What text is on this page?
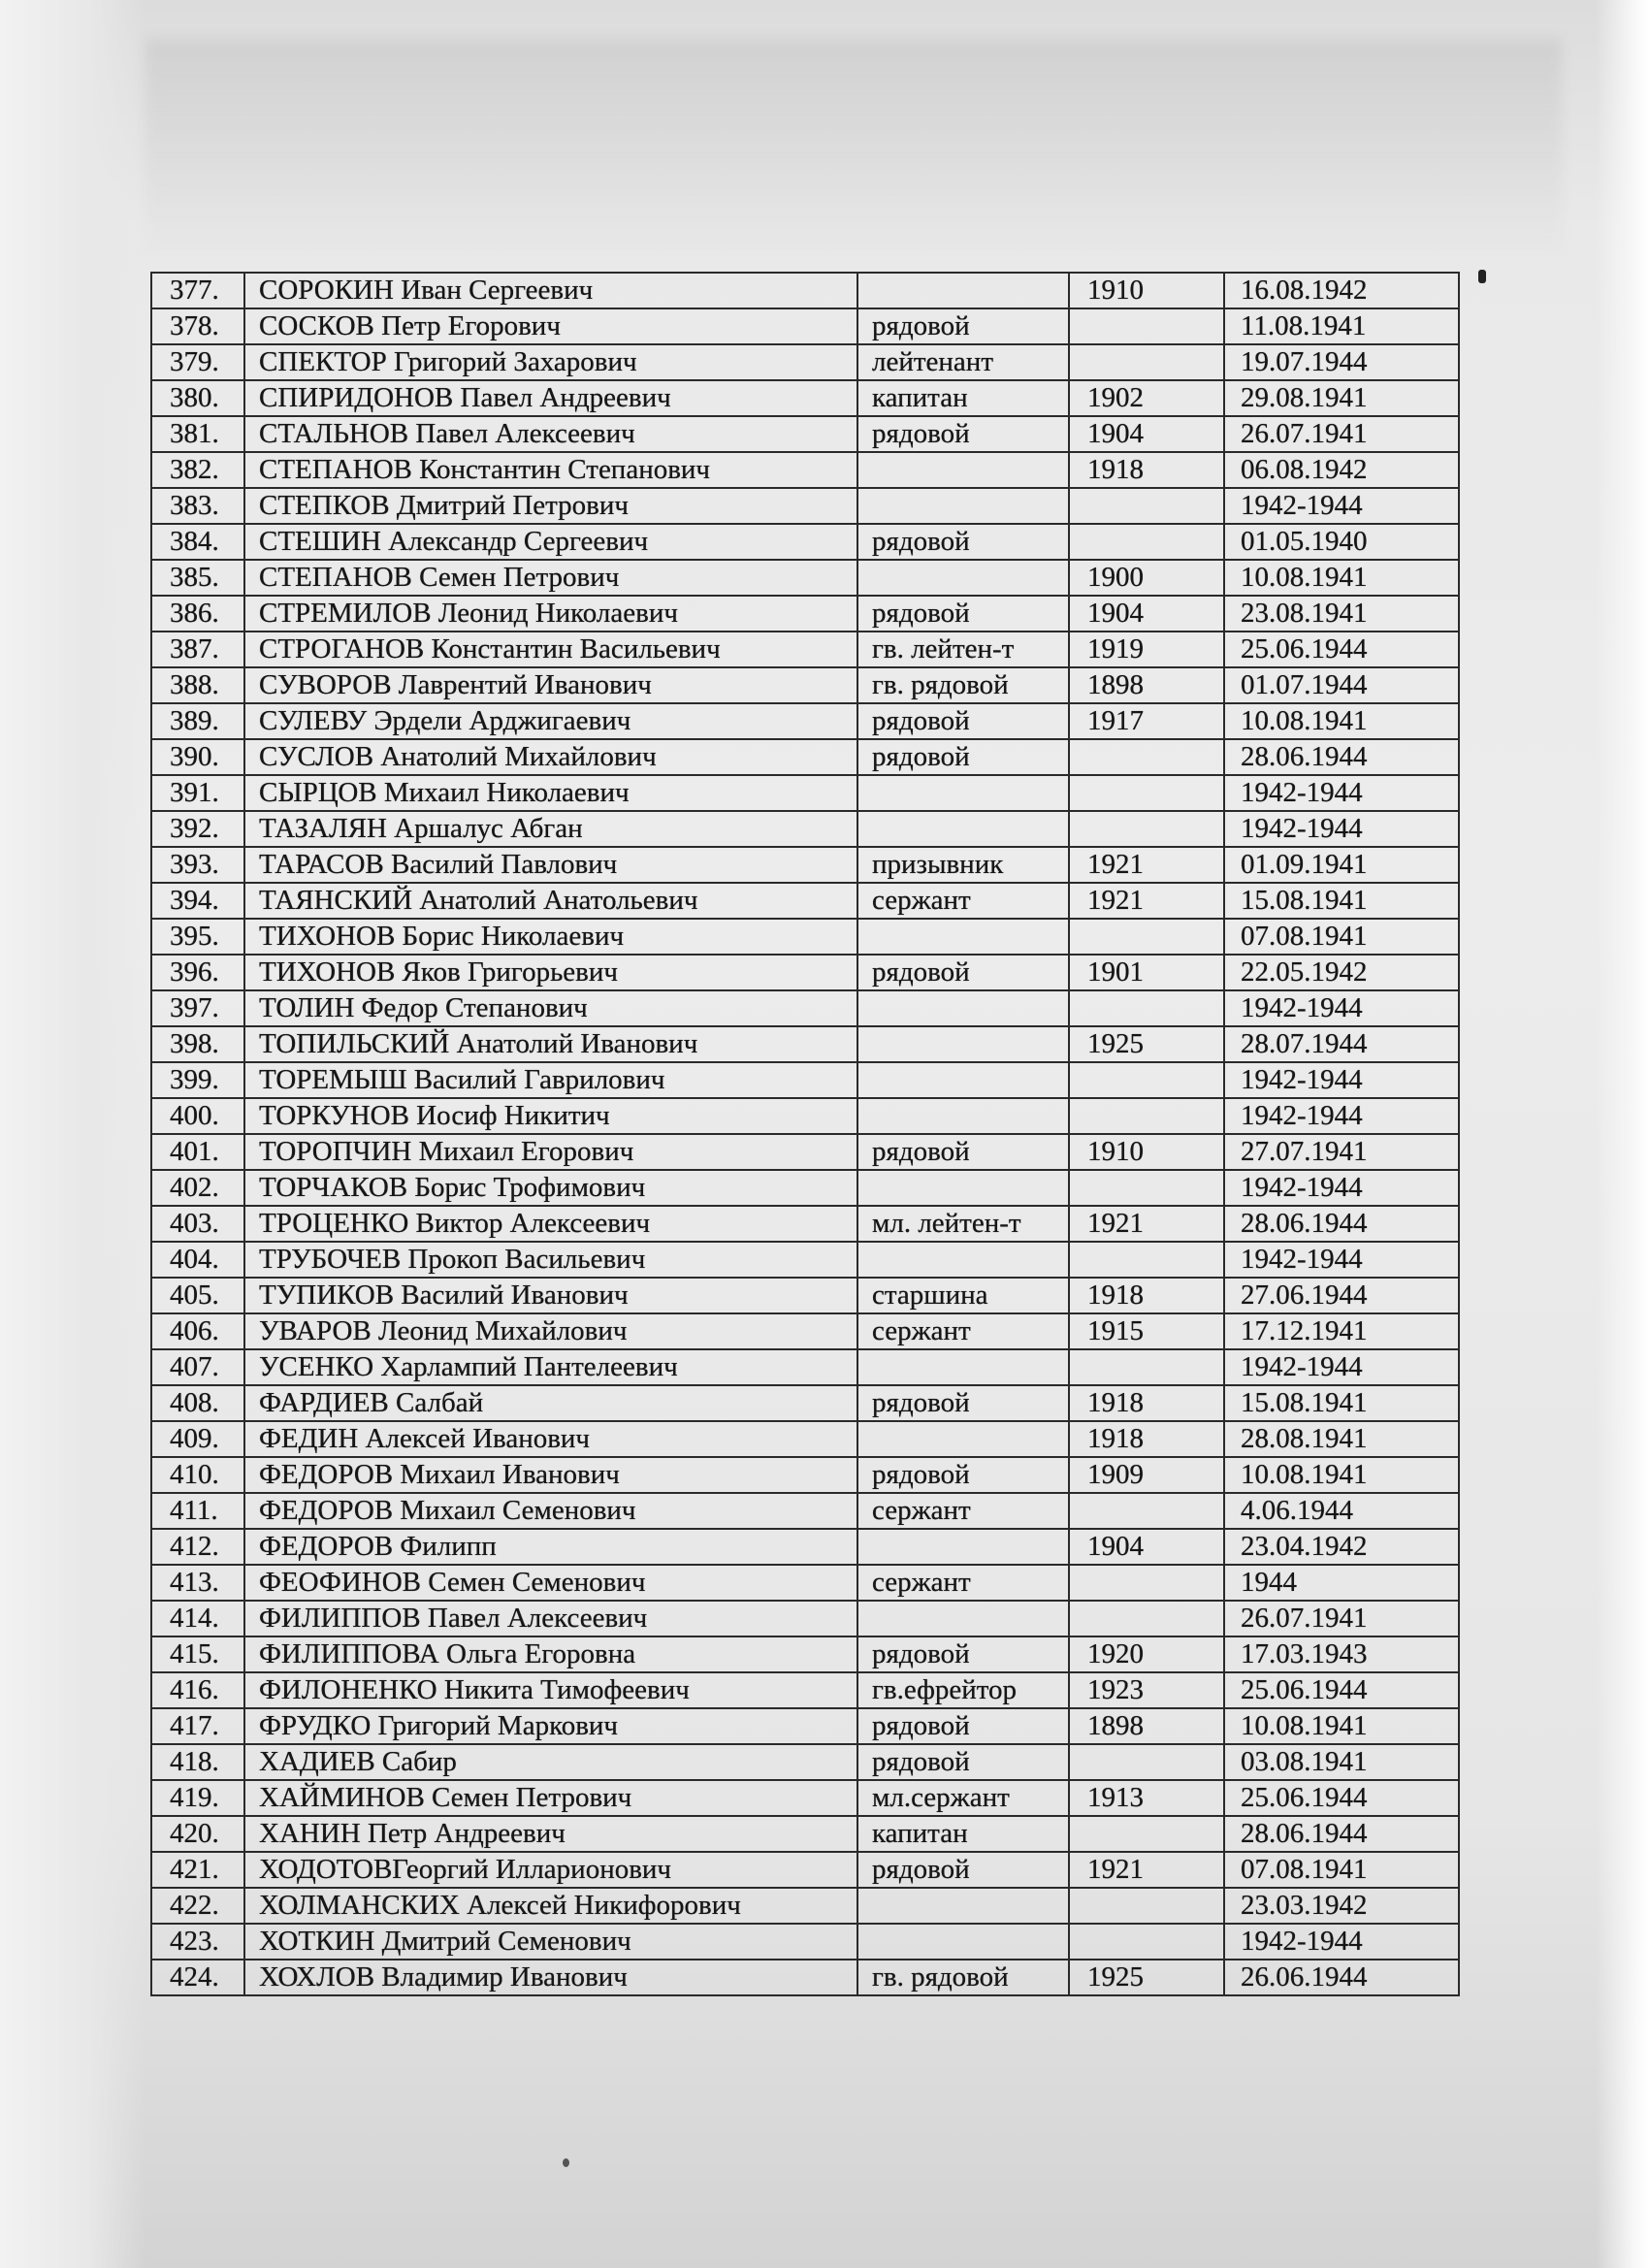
377.	СОРОКИН Иван Сергеевич		1910	16.08.1942
378.	СОСКОВ Петр Егорович	рядовой		11.08.1941
379.	СПЕКТОР Григорий Захарович	лейтенант		19.07.1944
380.	СПИРИДОНОВ Павел Андреевич	капитан	1902	29.08.1941
381.	СТАЛЬНОВ Павел Алексеевич	рядовой	1904	26.07.1941
382.	СТЕПАНОВ Константин Степанович		1918	06.08.1942
383.	СТЕПКОВ Дмитрий Петрович			1942-1944
384.	СТЕШИН Александр Сергеевич	рядовой		01.05.1940
385.	СТЕПАНОВ Семен Петрович		1900	10.08.1941
386.	СТРЕМИЛОВ Леонид Николаевич	рядовой	1904	23.08.1941
387.	СТРОГАНОВ Константин Васильевич	гв. лейтен-т	1919	25.06.1944
388.	СУВОРОВ Лаврентий Иванович	гв. рядовой	1898	01.07.1944
389.	СУЛЕВУ Эрдели Арджигаевич	рядовой	1917	10.08.1941
390.	СУСЛОВ Анатолий Михайлович	рядовой		28.06.1944
391.	СЫРЦОВ Михаил Николаевич			1942-1944
392.	ТАЗАЛЯН Аршалус Абган			1942-1944
393.	ТАРАСОВ Василий Павлович	призывник	1921	01.09.1941
394.	ТАЯНСКИЙ Анатолий Анатольевич	сержант	1921	15.08.1941
395.	ТИХОНОВ Борис Николаевич			07.08.1941
396.	ТИХОНОВ Яков Григорьевич	рядовой	1901	22.05.1942
397.	ТОЛИН Федор Степанович			1942-1944
398.	ТОПИЛЬСКИЙ Анатолий Иванович		1925	28.07.1944
399.	ТОРЕМЫШ Василий Гаврилович			1942-1944
400.	ТОРКУНОВ Иосиф Никитич			1942-1944
401.	ТОРОПЧИН Михаил Егорович	рядовой	1910	27.07.1941
402.	ТОРЧАКОВ Борис Трофимович			1942-1944
403.	ТРОЦЕНКО Виктор Алексеевич	мл. лейтен-т	1921	28.06.1944
404.	ТРУБОЧЕВ Прокоп Васильевич			1942-1944
405.	ТУПИКОВ Василий Иванович	старшина	1918	27.06.1944
406.	УВАРОВ Леонид Михайлович	сержант	1915	17.12.1941
407.	УСЕНКО Харлампий Пантелеевич			1942-1944
408.	ФАРДИЕВ Салбай	рядовой	1918	15.08.1941
409.	ФЕДИН Алексей Иванович		1918	28.08.1941
410.	ФЕДОРОВ Михаил Иванович	рядовой	1909	10.08.1941
411.	ФЕДОРОВ Михаил Семенович	сержант		4.06.1944
412.	ФЕДОРОВ Филипп		1904	23.04.1942
413.	ФЕОФИНОВ Семен Семенович	сержант		1944
414.	ФИЛИППОВ Павел Алексеевич			26.07.1941
415.	ФИЛИППОВА Ольга Егоровна	рядовой	1920	17.03.1943
416.	ФИЛОНЕНКО Никита Тимофеевич	гв.ефрейтор	1923	25.06.1944
417.	ФРУДКО Григорий Маркович	рядовой	1898	10.08.1941
418.	ХАДИЕВ Сабир	рядовой		03.08.1941
419.	ХАЙМИНОВ Семен Петрович	мл.сержант	1913	25.06.1944
420.	ХАНИН Петр Андреевич	капитан		28.06.1944
421.	ХОДОТОВГеоргий Илларионович	рядовой	1921	07.08.1941
422.	ХОЛМАНСКИХ Алексей Никифорович			23.03.1942
423.	ХОТКИН Дмитрий Семенович			1942-1944
424.	ХОХЛОВ Владимир Иванович	гв. рядовой	1925	26.06.1944
